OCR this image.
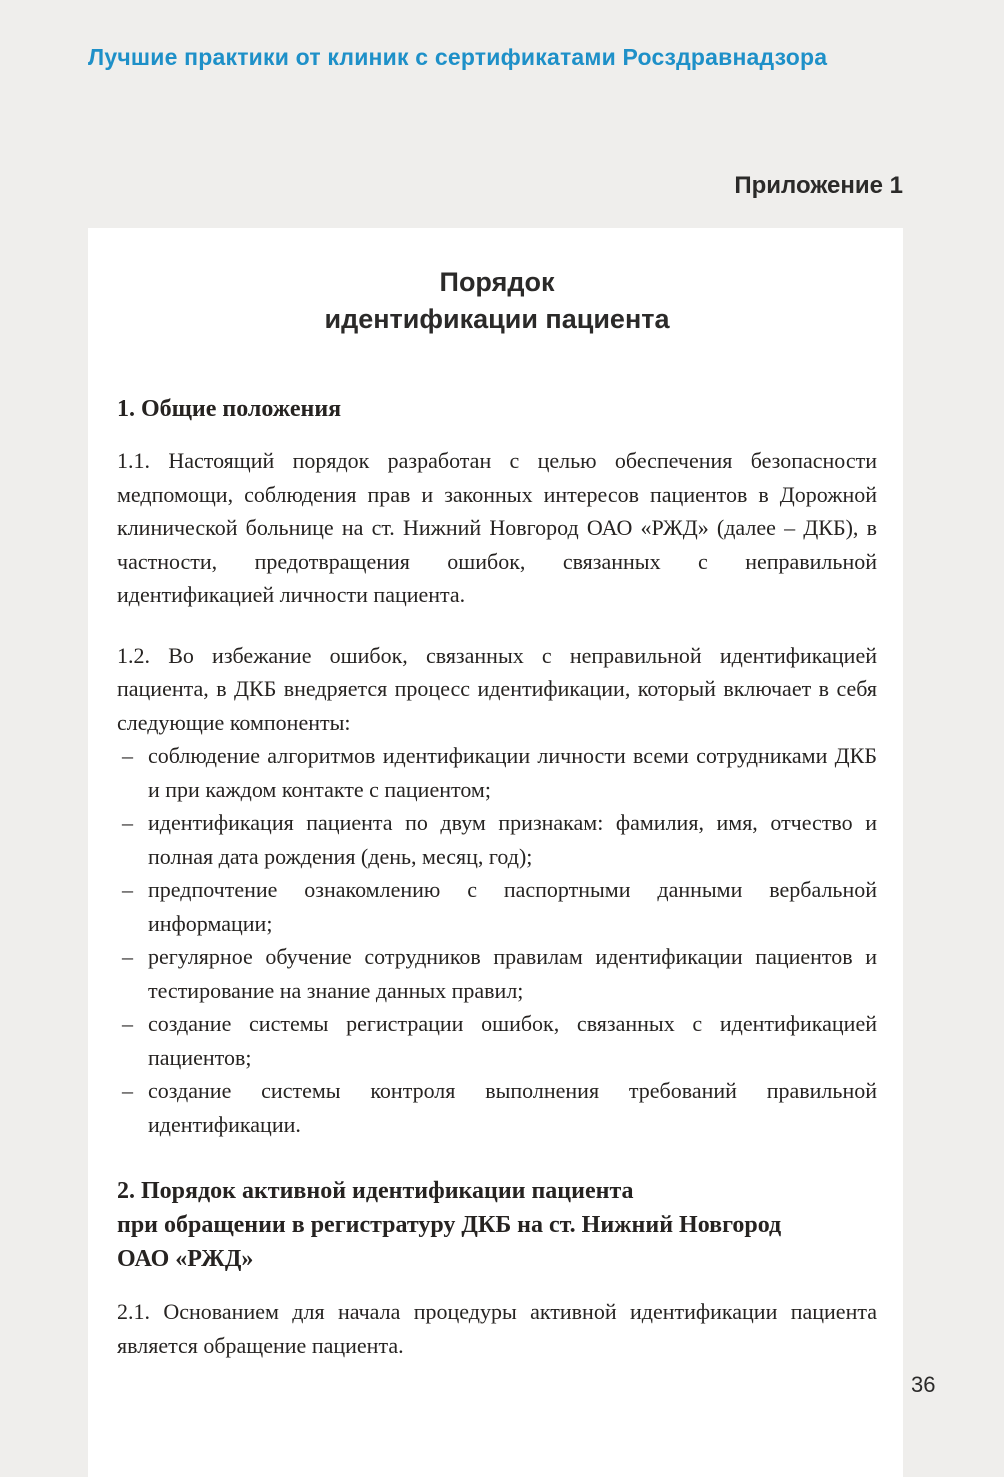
Лучшие практики от клиник с сертификатами Росздравнадзора
Приложение 1
Порядок
идентификации пациента
1. Общие положения

1.1. Настоящий порядок разработан с целью обеспечения безопасности медпомощи, соблюдения прав и законных интересов пациентов в Дорожной клинической больнице на ст. Нижний Новгород ОАО «РЖД» (далее – ДКБ), в частности, предотвращения ошибок, связанных с неправильной идентификацией личности пациента.

1.2. Во избежание ошибок, связанных с неправильной идентификацией пациента, в ДКБ внедряется процесс идентификации, который включает в себя следующие компоненты:

– соблюдение алгоритмов идентификации личности всеми сотрудниками ДКБ и при каждом контакте с пациентом;
– идентификация пациента по двум признакам: фамилия, имя, отчество и полная дата рождения (день, месяц, год);
– предпочтение ознакомлению с паспортными данными вербальной информации;
– регулярное обучение сотрудников правилам идентификации пациентов и тестирование на знание данных правил;
– создание системы регистрации ошибок, связанных с идентификацией пациентов;
– создание системы контроля выполнения требований правильной идентификации.
2. Порядок активной идентификации пациента
при обращении в регистратуру ДКБ на ст. Нижний Новгород
ОАО «РЖД»

2.1. Основанием для начала процедуры активной идентификации пациента является обращение пациента.

36
